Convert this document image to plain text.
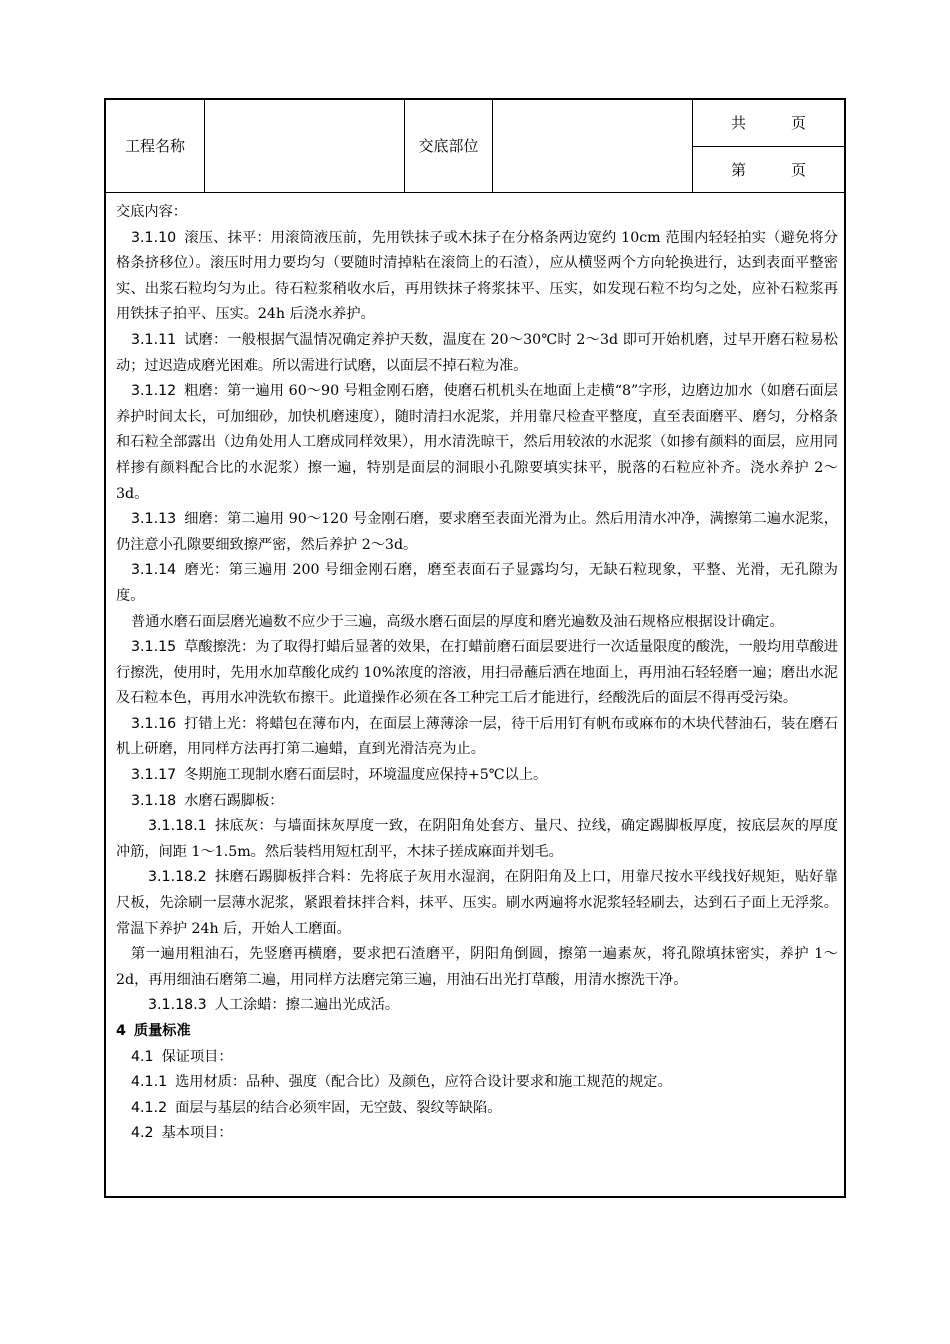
工程名称	交底部位
共　　　页
第　　　页

交底内容：

3.1.10 滚压、抹平：用滚筒液压前，先用铁抹子或木抹子在分格条两边宽约 10cm 范围内轻轻拍实（避免将分格条挤移位）。滚压时用力要均匀（要随时清掉粘在滚筒上的石渣），应从横竖两个方向轮换进行，达到表面平整密实、出浆石粒均匀为止。待石粒浆稍收水后，再用铁抹子将浆抹平、压实，如发现石粒不均匀之处，应补石粒浆再用铁抹子拍平、压实。24h 后浇水养护。

3.1.11 试磨：一般根据气温情况确定养护天数，温度在 20～30℃时 2～3d 即可开始机磨，过早开磨石粒易松动；过迟造成磨光困难。所以需进行试磨，以面层不掉石粒为准。

3.1.12 粗磨：第一遍用 60～90 号粗金刚石磨，使磨石机机头在地面上走横“8”字形，边磨边加水（如磨石面层养护时间太长，可加细砂，加快机磨速度），随时清扫水泥浆，并用靠尺检查平整度，直至表面磨平、磨匀，分格条和石粒全部露出（边角处用人工磨成同样效果），用水清洗晾干，然后用较浓的水泥浆（如掺有颜料的面层，应用同样掺有颜料配合比的水泥浆）擦一遍，特别是面层的洞眼小孔隙要填实抹平，脱落的石粒应补齐。浇水养护 2～3d。

3.1.13 细磨：第二遍用 90～120 号金刚石磨，要求磨至表面光滑为止。然后用清水冲净，满擦第二遍水泥浆，仍注意小孔隙要细致擦严密，然后养护 2～3d。

3.1.14 磨光：第三遍用 200 号细金刚石磨，磨至表面石子显露均匀，无缺石粒现象，平整、光滑，无孔隙为度。

普通水磨石面层磨光遍数不应少于三遍，高级水磨石面层的厚度和磨光遍数及油石规格应根据设计确定。

3.1.15 草酸擦洗：为了取得打蜡后显著的效果，在打蜡前磨石面层要进行一次适量限度的酸洗，一般均用草酸进行擦洗，使用时，先用水加草酸化成约 10%浓度的溶液，用扫帚蘸后洒在地面上，再用油石轻轻磨一遍；磨出水泥及石粒本色，再用水冲洗软布擦干。此道操作必须在各工种完工后才能进行，经酸洗后的面层不得再受污染。

3.1.16 打错上光：将蜡包在薄布内，在面层上薄薄涂一层，待干后用钉有帆布或麻布的木块代替油石，装在磨石机上研磨，用同样方法再打第二遍蜡，直到光滑洁亮为止。

3.1.17 冬期施工现制水磨石面层时，环境温度应保持+5℃以上。

3.1.18 水磨石踢脚板：

3.1.18.1 抹底灰：与墙面抹灰厚度一致，在阴阳角处套方、量尺、拉线，确定踢脚板厚度，按底层灰的厚度冲筋，间距 1～1.5m。然后装档用短杠刮平，木抹子搓成麻面并划毛。

3.1.18.2 抹磨石踢脚板拌合料：先将底子灰用水湿润，在阴阳角及上口，用靠尺按水平线找好规矩，贴好靠尺板，先涂刷一层薄水泥浆，紧跟着抹拌合料，抹平、压实。刷水两遍将水泥浆轻轻刷去，达到石子面上无浮浆。常温下养护 24h 后，开始人工磨面。

第一遍用粗油石，先竖磨再横磨，要求把石渣磨平，阴阳角倒圆，擦第一遍素灰，将孔隙填抹密实，养护 1～2d，再用细油石磨第二遍，用同样方法磨完第三遍，用油石出光打草酸，用清水擦洗干净。

3.1.18.3 人工涂蜡：擦二遍出光成活。

4 质量标准

4.1 保证项目：

4.1.1 选用材质：品种、强度（配合比）及颜色，应符合设计要求和施工规范的规定。

4.1.2 面层与基层的结合必须牢固，无空鼓、裂纹等缺陷。

4.2 基本项目：
